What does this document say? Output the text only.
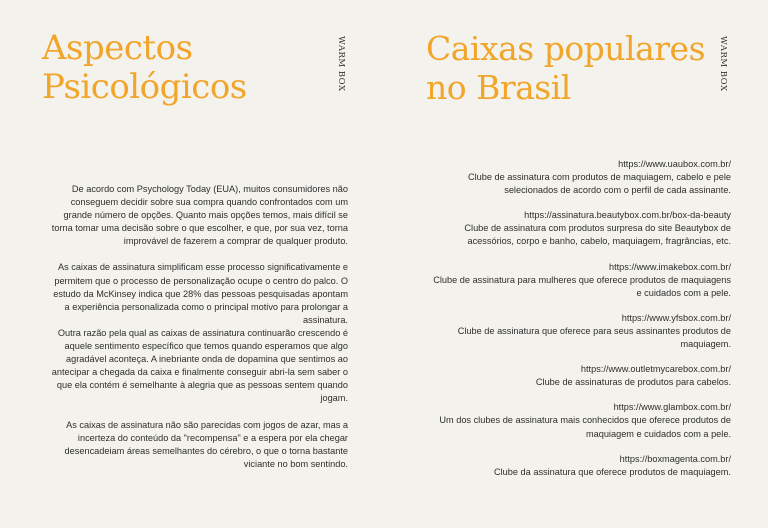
Aspectos
Psicológicos	WARM BOX

De acordo com Psychology Today (EUA), muitos consumidores não conseguem decidir sobre sua compra quando confrontados com um grande número de opções. Quanto mais opções temos, mais difícil se torna tomar uma decisão sobre o que escolher, e que, por sua vez, torna improvável de fazerem a comprar de qualquer produto.

As caixas de assinatura simplificam esse processo significativamente e permitem que o processo de personalização ocupe o centro do palco. O estudo da McKinsey indica que 28% das pessoas pesquisadas apontam a experiência personalizada como o principal motivo para prolongar a assinatura.

Outra razão pela qual as caixas de assinatura continuarão crescendo é aquele sentimento específico que temos quando esperamos que algo agradável aconteça. A inebriante onda de dopamina que sentimos ao antecipar a chegada da caixa e finalmente conseguir abri-la sem saber o que ela contém é semelhante à alegria que as pessoas sentem quando jogam.

As caixas de assinatura não são parecidas com jogos de azar, mas a incerteza do conteúdo da "recompensa" e a espera por ela chegar desencadeiam áreas semelhantes do cérebro, o que o torna bastante viciante no bom sentindo.

Caixas populares
no Brasil	WARM BOX
https://www.uaubox.com.br/
Clube de assinatura com produtos de maquiagem, cabelo e pele selecionados de acordo com o perfil de cada assinante.
https://assinatura.beautybox.com.br/box-da-beauty
Clube de assinatura com produtos surpresa do site Beautybox de acessórios, corpo e banho, cabelo, maquiagem, fragrâncias, etc.
https://www.imakebox.com.br/
Clube de assinatura para mulheres que oferece produtos de maquiagens e cuidados com a pele.
https://www.yfsbox.com.br/
Clube de assinatura que oferece para seus assinantes produtos de maquiagem.
https://www.outletmycarebox.com.br/
Clube de assinaturas de produtos para cabelos.
https://www.glambox.com.br/
Um dos clubes de assinatura mais conhecidos que oferece produtos de maquiagem e cuidados com a pele.
https://boxmagenta.com.br/
Clube da assinatura que oferece produtos de maquiagem.
